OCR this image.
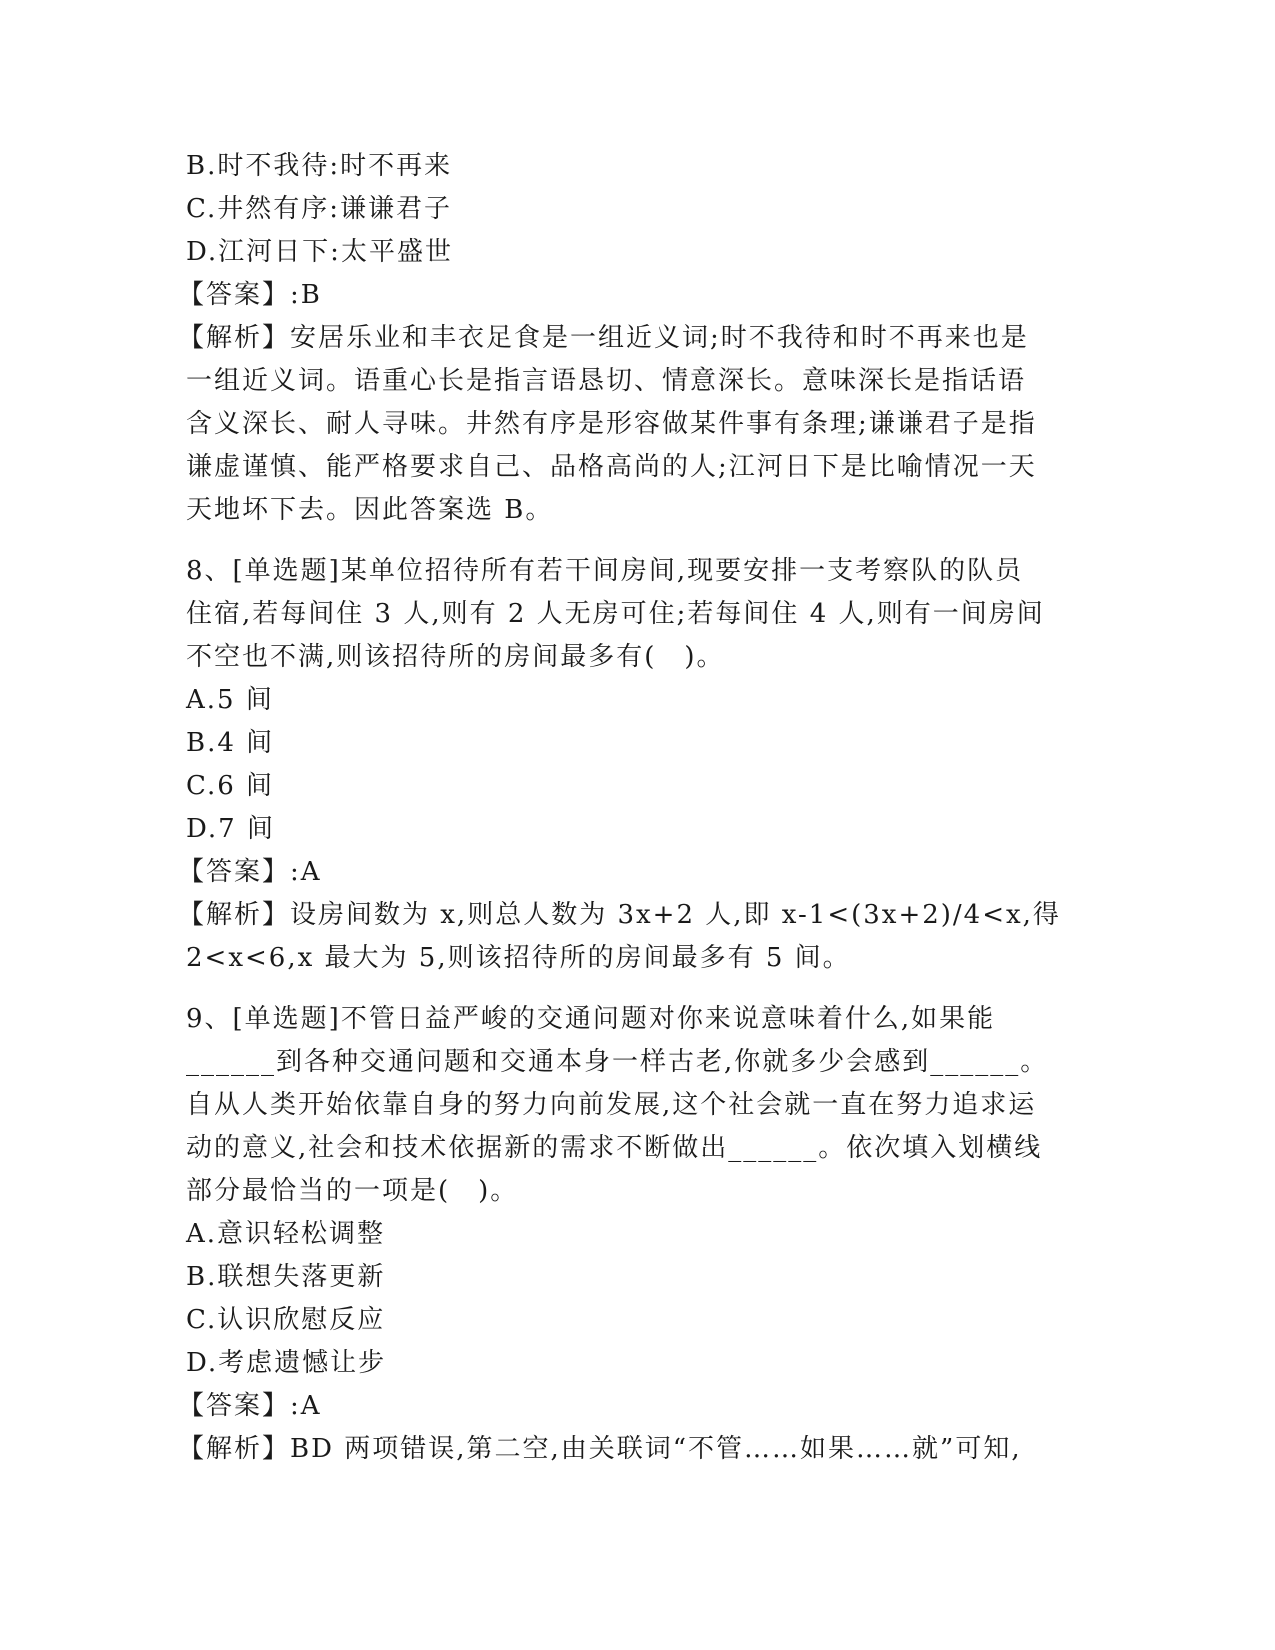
B.时不我待:时不再来
C.井然有序:谦谦君子
D.江河日下:太平盛世
【答案】:B
【解析】安居乐业和丰衣足食是一组近义词;时不我待和时不再来也是
一组近义词。语重心长是指言语恳切、情意深长。意味深长是指话语
含义深长、耐人寻味。井然有序是形容做某件事有条理;谦谦君子是指
谦虚谨慎、能严格要求自己、品格高尚的人;江河日下是比喻情况一天
天地坏下去。因此答案选 B。
8、[单选题]某单位招待所有若干间房间,现要安排一支考察队的队员
住宿,若每间住 3 人,则有 2 人无房可住;若每间住 4 人,则有一间房间
不空也不满,则该招待所的房间最多有(　)。
A.5 间
B.4 间
C.6 间
D.7 间
【答案】:A
【解析】设房间数为 x,则总人数为 3x+2 人,即 x-1<(3x+2)/4<x,得
2<x<6,x 最大为 5,则该招待所的房间最多有 5 间。
9、[单选题]不管日益严峻的交通问题对你来说意味着什么,如果能
______到各种交通问题和交通本身一样古老,你就多少会感到______。
自从人类开始依靠自身的努力向前发展,这个社会就一直在努力追求运
动的意义,社会和技术依据新的需求不断做出______。依次填入划横线
部分最恰当的一项是(　)。
A.意识轻松调整
B.联想失落更新
C.认识欣慰反应
D.考虑遗憾让步
【答案】:A
【解析】BD 两项错误,第二空,由关联词“不管……如果……就”可知,
